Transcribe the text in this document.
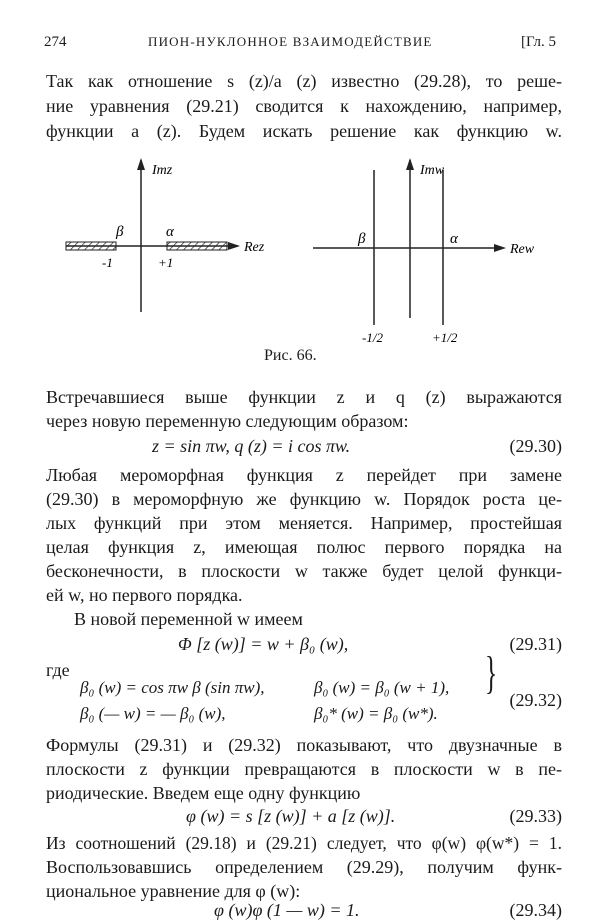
274	ПИОН-НУКЛОННОЕ ВЗАИМОДЕЙСТВИЕ	[Гл. 5
Так как отношение s (z)/a (z) известно (29.28), то реше-
ние уравнения (29.21) сводится к нахождению, например,
функции a (z). Будем искать решение как функцию w.
Imz
Rez
β	α
-1	+1
Imw
Rew
β	α
-1/2	+1/2
Рис. 66.
Встречавшиеся выше функции z и q (z) выражаются
через новую переменную следующим образом:
z = sin πw, q (z) = i cos πw.	(29.30)
Любая мероморфная функция z перейдет при замене
(29.30) в мероморфную же функцию w. Порядок роста це-
лых функций при этом меняется. Например, простейшая
целая функция z, имеющая полюс первого порядка на
бесконечности, в плоскости w также будет целой функци-
ей w, но первого порядка.
В новой переменной w имеем
Φ [z (w)] = w + β₀ (w),	(29.31)
где
β₀ (w) = cos πw β (sin πw),	β₀ (w) = β₀ (w + 1),
β₀ (— w) = — β₀ (w),	β₀* (w) = β₀ (w*).
}
(29.32)
Формулы (29.31) и (29.32) показывают, что двузначные в
плоскости z функции превращаются в плоскости w в пе-
риодические. Введем еще одну функцию
φ (w) = s [z (w)] + a [z (w)].	(29.33)
Из соотношений (29.18) и (29.21) следует, что φ(w) φ(w*) = 1.
Воспользовавшись определением (29.29), получим функ-
циональное уравнение для φ (w):
φ (w)φ (1 — w) = 1.	(29.34)
